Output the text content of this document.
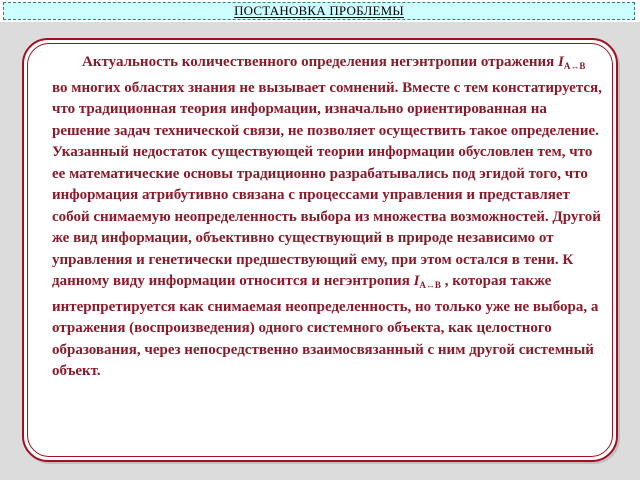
ПОСТАНОВКА ПРОБЛЕМЫ

Актуальность количественного определения негэнтропии отражения $I_{A\leftrightarrow B}$ во многих областях знания не вызывает сомнений. Вместе с тем констатируется, что традиционная теория информации, изначально ориентированная на решение задач технической связи, не позволяет осуществить такое определение. Указанный недостаток существующей теории информации обусловлен тем, что ее математические основы традиционно разрабатывались под эгидой того, что информация атрибутивно связана с процессами управления и представляет собой снимаемую неопределенность выбора из множества возможностей. Другой же вид информации, объективно существующий в природе независимо от управления и генетически предшествующий ему, при этом остался в тени. К данному виду информации относится и негэнтропия $I_{A\leftrightarrow B}$ , которая также интерпретируется как снимаемая неопределенность, но только уже не выбора, а отражения (воспроизведения) одного системного объекта, как целостного образования, через непосредственно взаимосвязанный с ним другой системный объект.
